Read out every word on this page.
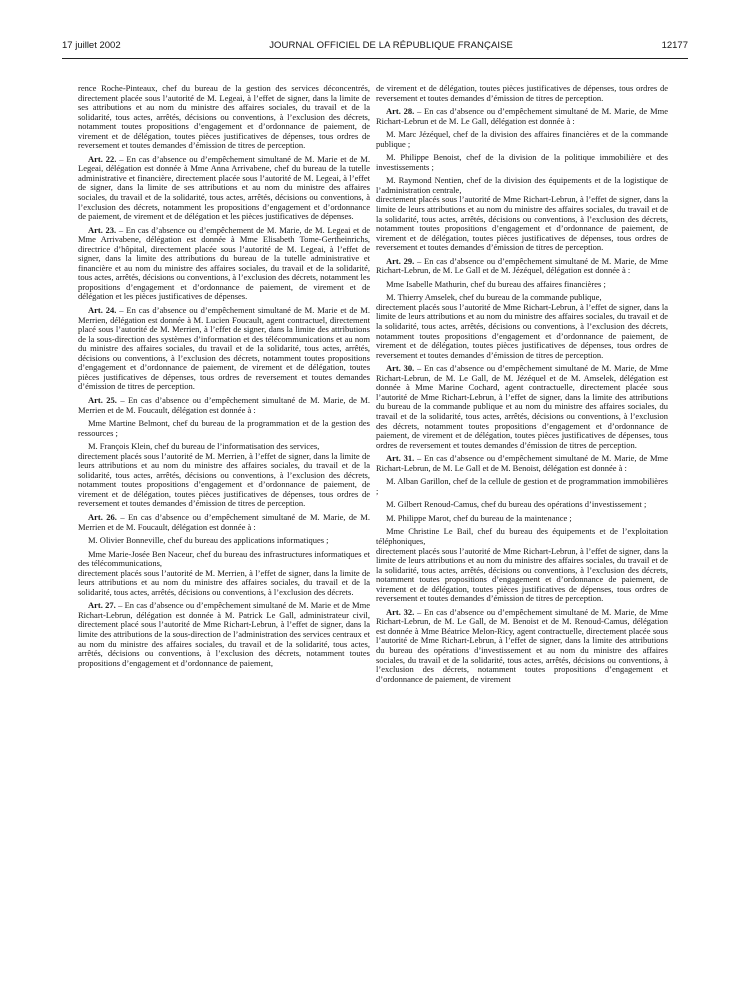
17 juillet 2002	JOURNAL OFFICIEL DE LA RÉPUBLIQUE FRANÇAISE	12177

rence Roche-Pinteaux, chef du bureau de la gestion des services déconcentrés, directement placée sous l’autorité de M. Legeai, à l’effet de signer, dans la limite de ses attributions et au nom du ministre des affaires sociales, du travail et de la solidarité, tous actes, arrêtés, décisions ou conventions, à l’exclusion des décrets, notamment toutes propositions d’engagement et d’ordonnance de paiement, de virement et de délégation, toutes pièces justificatives de dépenses, tous ordres de reversement et toutes demandes d’émission de titres de perception.

Art. 22. – En cas d’absence ou d’empêchement simultané de M. Marie et de M. Legeai, délégation est donnée à Mme Anna Arrivabene, chef du bureau de la tutelle administrative et financière, directement placée sous l’autorité de M. Legeai, à l’effet de signer, dans la limite de ses attributions et au nom du ministre des affaires sociales, du travail et de la solidarité, tous actes, arrêtés, décisions ou conventions, à l’exclusion des décrets, notamment les propositions d’engagement et d’ordonnance de paiement, de virement et de délégation et les pièces justificatives de dépenses.

Art. 23. – En cas d’absence ou d’empêchement de M. Marie, de M. Legeai et de Mme Arrivabene, délégation est donnée à Mme Elisabeth Tome-Gertheinrichs, directrice d’hôpital, directement placée sous l’autorité de M. Legeai, à l’effet de signer, dans la limite des attributions du bureau de la tutelle administrative et financière et au nom du ministre des affaires sociales, du travail et de la solidarité, tous actes, arrêtés, décisions ou conventions, à l’exclusion des décrets, notamment les propositions d’engagement et d’ordonnance de paiement, de virement et de délégation et les pièces justificatives de dépenses.

Art. 24. – En cas d’absence ou d’empêchement simultané de M. Marie et de M. Merrien, délégation est donnée à M. Lucien Foucault, agent contractuel, directement placé sous l’autorité de M. Merrien, à l’effet de signer, dans la limite des attributions de la sous-direction des systèmes d’information et des télécommunications et au nom du ministre des affaires sociales, du travail et de la solidarité, tous actes, arrêtés, décisions ou conventions, à l’exclusion des décrets, notamment toutes propositions d’engagement et d’ordonnance de paiement, de virement et de délégation, toutes pièces justificatives de dépenses, tous ordres de reversement et toutes demandes d’émission de titres de perception.

Art. 25. – En cas d’absence ou d’empêchement simultané de M. Marie, de M. Merrien et de M. Foucault, délégation est donnée à :

Mme Martine Belmont, chef du bureau de la programmation et de la gestion des ressources ;

M. François Klein, chef du bureau de l’informatisation des services,

directement placés sous l’autorité de M. Merrien, à l’effet de signer, dans la limite de leurs attributions et au nom du ministre des affaires sociales, du travail et de la solidarité, tous actes, arrêtés, décisions ou conventions, à l’exclusion des décrets, notamment toutes propositions d’engagement et d’ordonnance de paiement, de virement et de délégation, toutes pièces justificatives de dépenses, tous ordres de reversement et toutes demandes d’émission de titres de perception.

Art. 26. – En cas d’absence ou d’empêchement simultané de M. Marie, de M. Merrien et de M. Foucault, délégation est donnée à :

M. Olivier Bonneville, chef du bureau des applications informatiques ;

Mme Marie-Josée Ben Naceur, chef du bureau des infrastructures informatiques et des télécommunications,

directement placés sous l’autorité de M. Merrien, à l’effet de signer, dans la limite de leurs attributions et au nom du ministre des affaires sociales, du travail et de la solidarité, tous actes, arrêtés, décisions ou conventions, à l’exclusion des décrets.

Art. 27. – En cas d’absence ou d’empêchement simultané de M. Marie et de Mme Richart-Lebrun, délégation est donnée à M. Patrick Le Gall, administrateur civil, directement placé sous l’autorité de Mme Richart-Lebrun, à l’effet de signer, dans la limite des attributions de la sous-direction de l’administration des services centraux et au nom du ministre des affaires sociales, du travail et de la solidarité, tous actes, arrêtés, décisions ou conventions, à l’exclusion des décrets, notamment toutes propositions d’engagement et d’ordonnance de paiement,

de virement et de délégation, toutes pièces justificatives de dépenses, tous ordres de reversement et toutes demandes d’émission de titres de perception.

Art. 28. – En cas d’absence ou d’empêchement simultané de M. Marie, de Mme Richart-Lebrun et de M. Le Gall, délégation est donnée à :

M. Marc Jézéquel, chef de la division des affaires financières et de la commande publique ;

M. Philippe Benoist, chef de la division de la politique immobilière et des investissements ;

M. Raymond Nentien, chef de la division des équipements et de la logistique de l’administration centrale,

directement placés sous l’autorité de Mme Richart-Lebrun, à l’effet de signer, dans la limite de leurs attributions et au nom du ministre des affaires sociales, du travail et de la solidarité, tous actes, arrêtés, décisions ou conventions, à l’exclusion des décrets, notamment toutes propositions d’engagement et d’ordonnance de paiement, de virement et de délégation, toutes pièces justificatives de dépenses, tous ordres de reversement et toutes demandes d’émission de titres de perception.

Art. 29. – En cas d’absence ou d’empêchement simultané de M. Marie, de Mme Richart-Lebrun, de M. Le Gall et de M. Jézéquel, délégation est donnée à :

Mme Isabelle Mathurin, chef du bureau des affaires financières ;

M. Thierry Amselek, chef du bureau de la commande publique,

directement placés sous l’autorité de Mme Richart-Lebrun, à l’effet de signer, dans la limite de leurs attributions et au nom du ministre des affaires sociales, du travail et de la solidarité, tous actes, arrêtés, décisions ou conventions, à l’exclusion des décrets, notamment toutes propositions d’engagement et d’ordonnance de paiement, de virement et de délégation, toutes pièces justificatives de dépenses, tous ordres de reversement et toutes demandes d’émission de titres de perception.

Art. 30. – En cas d’absence ou d’empêchement simultané de M. Marie, de Mme Richart-Lebrun, de M. Le Gall, de M. Jézéquel et de M. Amselek, délégation est donnée à Mme Marine Cochard, agent contractuelle, directement placée sous l’autorité de Mme Richart-Lebrun, à l’effet de signer, dans la limite des attributions du bureau de la commande publique et au nom du ministre des affaires sociales, du travail et de la solidarité, tous actes, arrêtés, décisions ou conventions, à l’exclusion des décrets, notamment toutes propositions d’engagement et d’ordonnance de paiement, de virement et de délégation, toutes pièces justificatives de dépenses, tous ordres de reversement et toutes demandes d’émission de titres de perception.

Art. 31. – En cas d’absence ou d’empêchement simultané de M. Marie, de Mme Richart-Lebrun, de M. Le Gall et de M. Benoist, délégation est donnée à :

M. Alban Garillon, chef de la cellule de gestion et de programmation immobilières ;

M. Gilbert Renoud-Camus, chef du bureau des opérations d’investissement ;

M. Philippe Marot, chef du bureau de la maintenance ;

Mme Christine Le Bail, chef du bureau des équipements et de l’exploitation téléphoniques,

directement placés sous l’autorité de Mme Richart-Lebrun, à l’effet de signer, dans la limite de leurs attributions et au nom du ministre des affaires sociales, du travail et de la solidarité, tous actes, arrêtés, décisions ou conventions, à l’exclusion des décrets, notamment toutes propositions d’engagement et d’ordonnance de paiement, de virement et de délégation, toutes pièces justificatives de dépenses, tous ordres de reversement et toutes demandes d’émission de titres de perception.

Art. 32. – En cas d’absence ou d’empêchement simultané de M. Marie, de Mme Richart-Lebrun, de M. Le Gall, de M. Benoist et de M. Renoud-Camus, délégation est donnée à Mme Béatrice Melon-Ricy, agent contractuelle, directement placée sous l’autorité de Mme Richart-Lebrun, à l’effet de signer, dans la limite des attributions du bureau des opérations d’investissement et au nom du ministre des affaires sociales, du travail et de la solidarité, tous actes, arrêtés, décisions ou conventions, à l’exclusion des décrets, notamment toutes propositions d’engagement et d’ordonnance de paiement, de virement
